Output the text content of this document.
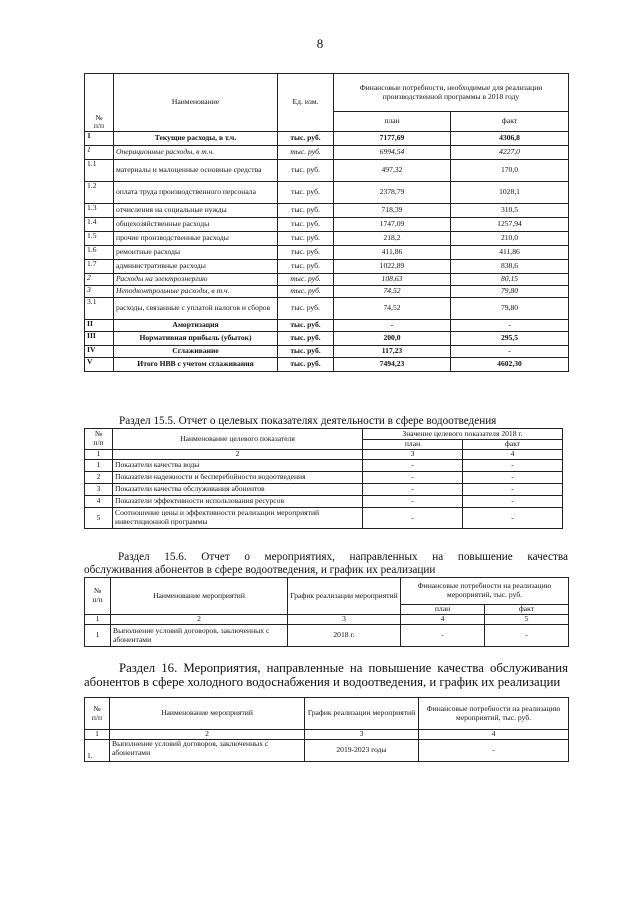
8
№
п/п	Наименование	Ед. изм.	Финансовые потребности, необходимые для реализации производственной программы в 2018 году	
			план	факт
1	Текущие расходы, в т.ч.	тыс. руб.	7177,69	4306,8
1	Операционные расходы, в т.ч.	тыс. руб.	6994,54	4227,0
1.1	материалы и малоценные основные средства	тыс. руб.	497,32	170,0
1.2	оплата труда производственного персонала	тыс. руб.	2378,79	1028,1
1.3	отчисления на социальные нужды	тыс. руб.	718,39	310,5
1.4	общехозяйственные расходы	тыс. руб.	1747,09	1257,94
1.5	прочие производственные расходы	тыс. руб.	218,2	210,0
1.6	ремонтные расходы	тыс. руб.	411,86	411,86
1.7	административные расходы	тыс. руб.	1022,89	838,6
2	Расходы на электроэнергию	тыс. руб.	108,63	80,15
3	Неподконтрольные расходы, в т.ч.	тыс. руб.	74,52	79,80
3.1	расходы, связанные с уплатой налогов и сборов	тыс. руб.	74,52	79,80
II	Амортизация	тыс. руб.	-	-
III	Нормативная прибыль (убыток)	тыс. руб.	200,0	295,5
IV	Сглаживание	тыс. руб.	117,23	-
V	Итого НВВ с учетом сглаживания	тыс. руб.	7494,23	4602,30
Раздел 15.5. Отчет о целевых показателях деятельности в сфере водоотведения
№
п/п	Наименование целевого показателя	Значение целевого показателя 2018 г.	
		план	факт
1	2	3	4
1	Показатели качества воды	-	-
2	Показатели надежности и бесперебойности водоотведения	-	-
3	Показатели качества обслуживания абонентов	-	-
4	Показатели эффективности использования ресурсов	-	-
5	Соотношение цены и эффективности реализации мероприятий инвестиционной программы	-	-
Раздел 15.6. Отчет о мероприятиях, направленных на повышение качества
обслуживания абонентов в сфере водоотведения, и график их реализации
№
п/п	Наименование мероприятий	График реализации мероприятий	Финансовые потребности на реализацию мероприятий, тыс. руб.	
			план	факт
1	2	3	4	5
1	Выполнение условий договоров, заключенных с абонентами	2018 г.	-	-
Раздел 16. Мероприятия, направленные на повышение качества обслуживания
абонентов в сфере холодного водоснабжения и водоотведения, и график их реализации
№
п/п	Наименование мероприятий	График реализации мероприятий	Финансовые потребности на реализацию мероприятий, тыс. руб.
1	2	3	4
1.	Выполнение условий договоров, заключенных с абонентами	2019-2023 годы	-
